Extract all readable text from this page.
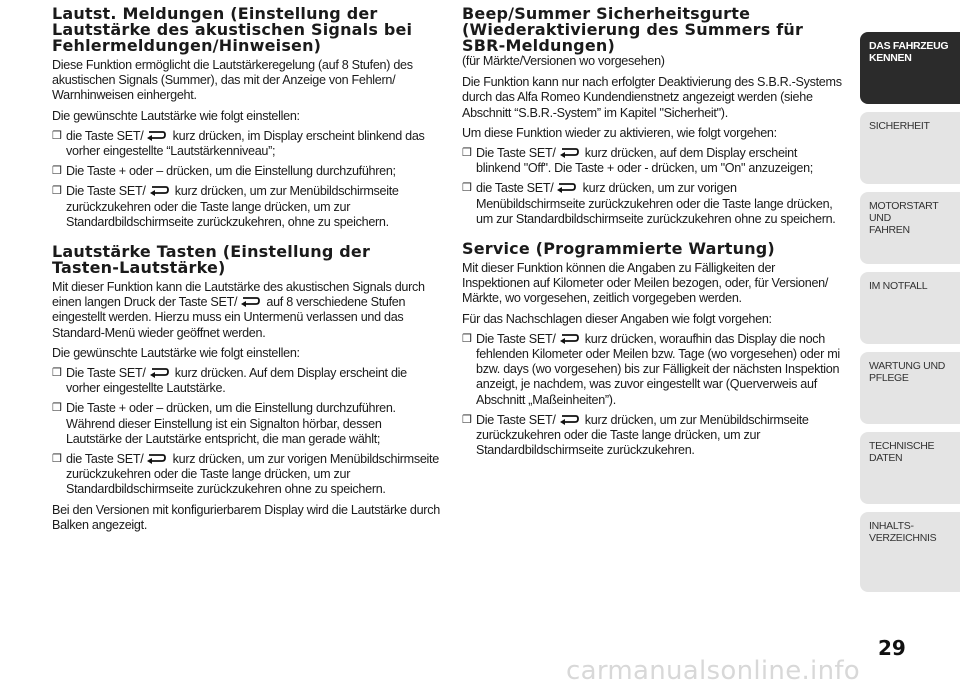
Lautst. Meldungen (Einstellung der
Lautstärke des akustischen Signals bei
Fehlermeldungen/Hinweisen)

Diese Funktion ermöglicht die Lautstärkeregelung (auf 8 Stufen) des akustischen Signals (Summer), das mit der Anzeige von Fehlern/ Warnhinweisen einhergeht.

Die gewünschte Lautstärke wie folgt einstellen:

❒ die Taste SET/
kurz drücken, im Display erscheint blinkend das vorher eingestellte “Lautstärkenniveau”;
❒ Die Taste + oder – drücken, um die Einstellung durchzuführen;
❒ Die Taste SET/
kurz drücken, um zur Menübildschirmseite zurückzukehren oder die Taste lange drücken, um zur Standardbildschirmseite zurückzukehren, ohne zu speichern.
Lautstärke Tasten (Einstellung der
Tasten-Lautstärke)

Mit dieser Funktion kann die Lautstärke des akustischen Signals durch einen langen Druck der Taste SET/
auf 8 verschiedene Stufen eingestellt werden. Hierzu muss ein Untermenü verlassen und das Standard-Menü wieder geöffnet werden.

Die gewünschte Lautstärke wie folgt einstellen:

❒ Die Taste SET/
kurz drücken. Auf dem Display erscheint die vorher eingestellte Lautstärke.
❒ Die Taste + oder – drücken, um die Einstellung durchzuführen. Während dieser Einstellung ist ein Signalton hörbar, dessen Lautstärke der Lautstärke entspricht, die man gerade wählt;
❒ die Taste SET/
kurz drücken, um zur vorigen Menübildschirmseite zurückzukehren oder die Taste lange drücken, um zur Standardbildschirmseite zurückzukehren ohne zu speichern.

Bei den Versionen mit konfigurierbarem Display wird die Lautstärke durch Balken angezeigt.

Beep/Summer Sicherheitsgurte
(Wiederaktivierung des Summers für
SBR-Meldungen)

(für Märkte/Versionen wo vorgesehen)

Die Funktion kann nur nach erfolgter Deaktivierung des S.B.R.-Systems durch das Alfa Romeo Kundendienstnetz angezeigt werden (siehe Abschnitt “S.B.R.-System” im Kapitel "Sicherheit").

Um diese Funktion wieder zu aktivieren, wie folgt vorgehen:

❒ Die Taste SET/
kurz drücken, auf dem Display erscheint blinkend "Off". Die Taste + oder - drücken, um "On" anzuzeigen;
❒ die Taste SET/
kurz drücken, um zur vorigen Menübildschirmseite zurückzukehren oder die Taste lange drücken, um zur Standardbildschirmseite zurückzukehren ohne zu speichern.
Service (Programmierte Wartung)

Mit dieser Funktion können die Angaben zu Fälligkeiten der Inspektionen auf Kilometer oder Meilen bezogen, oder, für Versionen/ Märkte, wo vorgesehen, zeitlich vorgegeben werden.

Für das Nachschlagen dieser Angaben wie folgt vorgehen:

❒ Die Taste SET/
kurz drücken, woraufhin das Display die noch fehlenden Kilometer oder Meilen bzw. Tage (wo vorgesehen) oder mi bzw. days (wo vorgesehen) bis zur Fälligkeit der nächsten Inspektion anzeigt, je nachdem, was zuvor eingestellt war (Querverweis auf Abschnitt „Maßeinheiten”).
❒ Die Taste SET/
kurz drücken, um zur Menübildschirmseite zurückzukehren oder die Taste lange drücken, um zur Standardbildschirmseite zurückzukehren.
DAS FAHRZEUG
KENNEN
SICHERHEIT

MOTORSTART UND
FAHREN
IM NOTFALL

WARTUNG UND
PFLEGE
TECHNISCHE DATEN

INHALTS-
VERZEICHNIS
29
carmanualsonline.info
